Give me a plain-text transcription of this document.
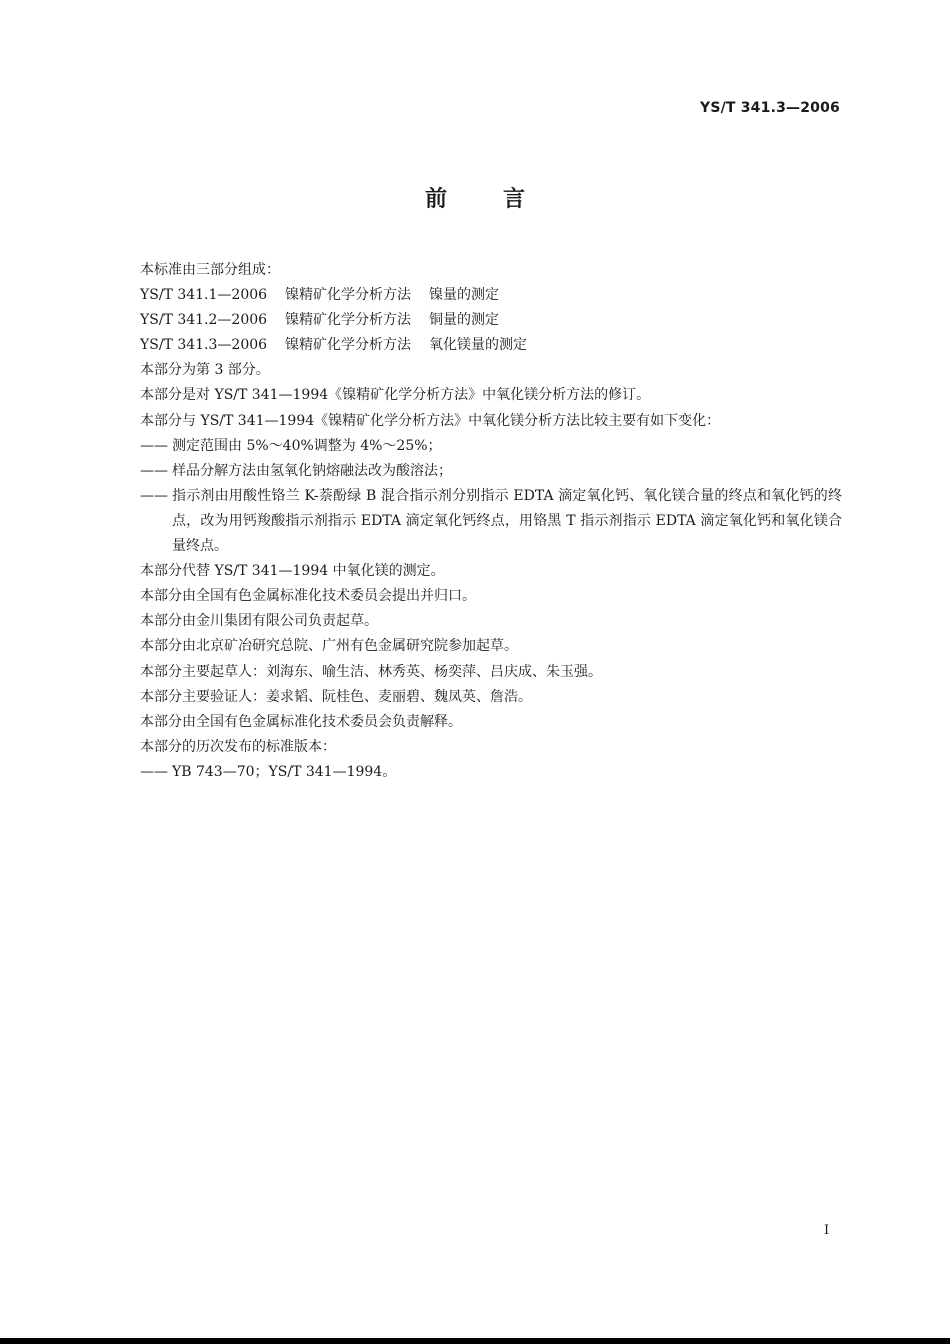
YS/T 341.3—2006
前言
本标准由三部分组成：
YS/T 341.1—2006 镍精矿化学分析方法 镍量的测定
YS/T 341.2—2006 镍精矿化学分析方法 铜量的测定
YS/T 341.3—2006 镍精矿化学分析方法 氧化镁量的测定
本部分为第 3 部分。
本部分是对 YS/T 341—1994《镍精矿化学分析方法》中氧化镁分析方法的修订。
本部分与 YS/T 341—1994《镍精矿化学分析方法》中氧化镁分析方法比较主要有如下变化：
—— 测定范围由 5%～40%调整为 4%～25%；
—— 样品分解方法由氢氧化钠熔融法改为酸溶法；
—— 指示剂由用酸性铬兰 K-萘酚绿 B 混合指示剂分别指示 EDTA 滴定氧化钙、氧化镁合量的终点和氧化钙的终点，改为用钙羧酸指示剂指示 EDTA 滴定氧化钙终点，用铬黑 T 指示剂指示 EDTA 滴定氧化钙和氧化镁合量终点。
本部分代替 YS/T 341—1994 中氧化镁的测定。
本部分由全国有色金属标准化技术委员会提出并归口。
本部分由金川集团有限公司负责起草。
本部分由北京矿冶研究总院、广州有色金属研究院参加起草。
本部分主要起草人：刘海东、喻生洁、林秀英、杨奕萍、吕庆成、朱玉强。
本部分主要验证人：姜求韬、阮桂色、麦丽碧、魏凤英、詹浩。
本部分由全国有色金属标准化技术委员会负责解释。
本部分的历次发布的标准版本：
—— YB 743—70；YS/T 341—1994。
I
